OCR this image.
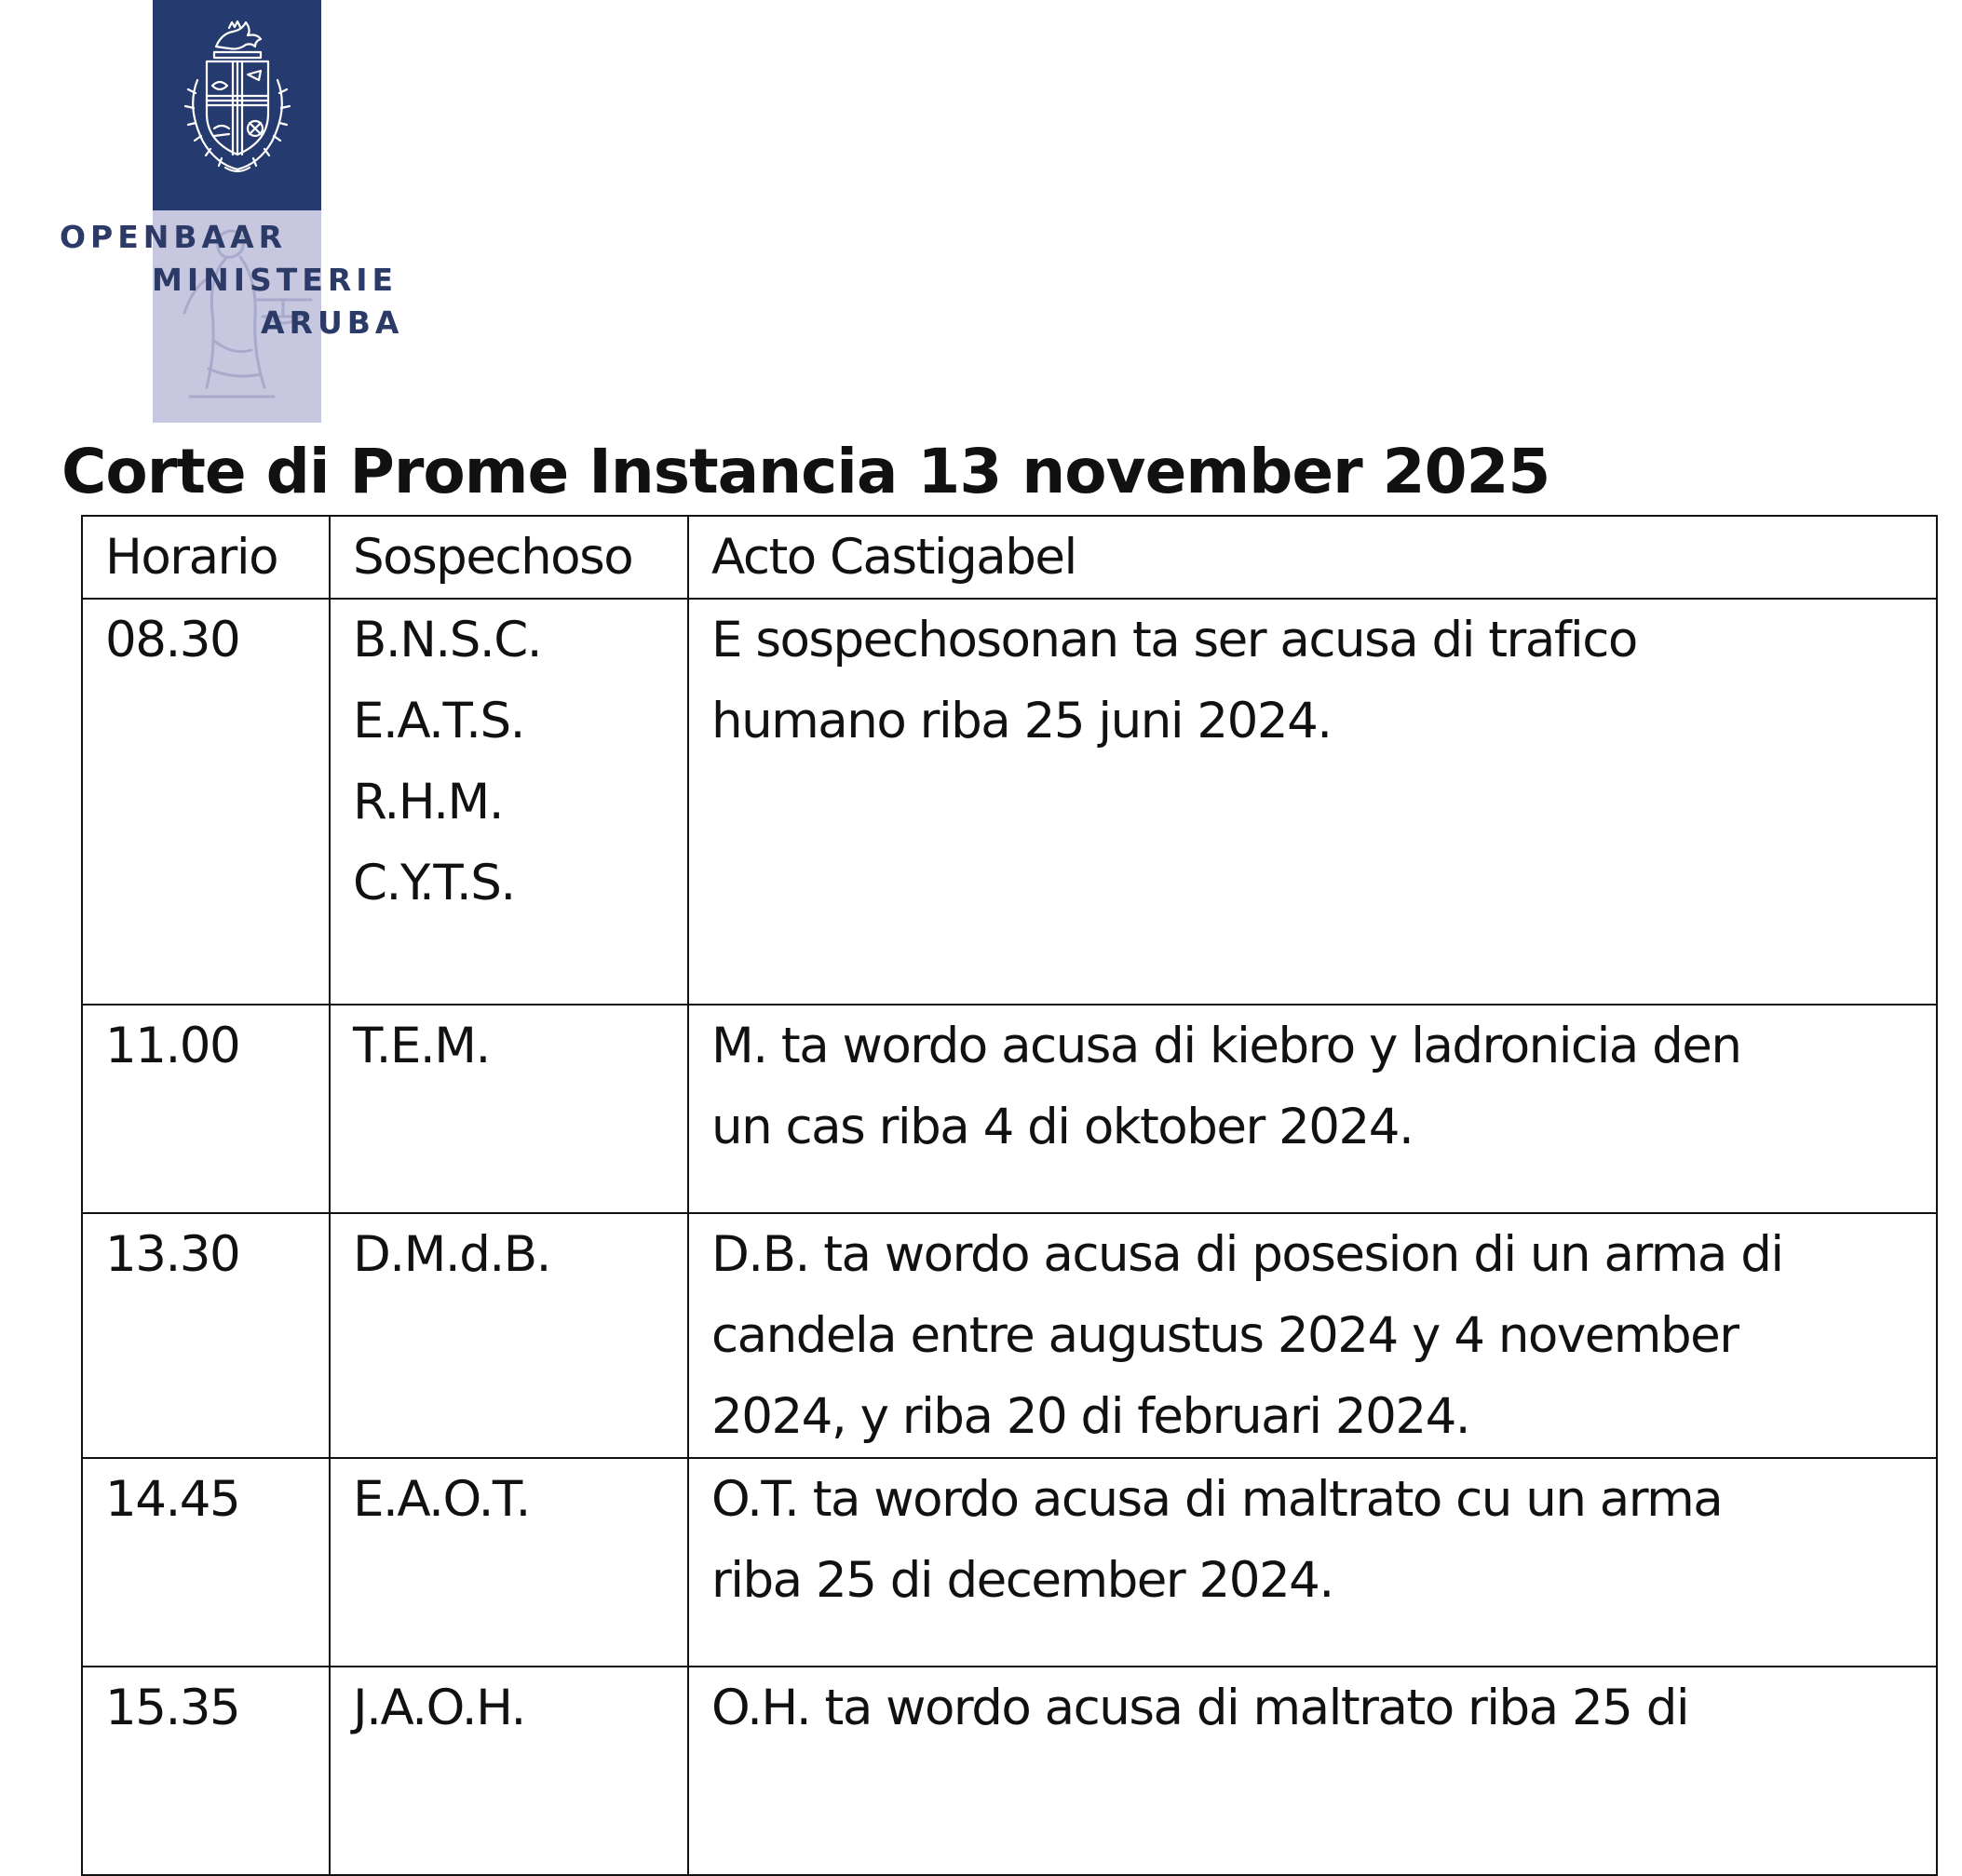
OPENBAAR
MINISTERIE
ARUBA
Corte di Prome Instancia 13 november 2025
Horario	Sospechoso	Acto Castigabel
08.30	B.N.S.C.
E.A.T.S.
R.H.M.
C.Y.T.S.	E sospechosonan ta ser acusa di trafico
humano riba 25 juni 2024.

11.00	T.E.M.	M. ta wordo acusa di kiebro y ladronicia den
un cas riba 4 di oktober 2024.

13.30	D.M.d.B.	D.B. ta wordo acusa di posesion di un arma di
candela entre augustus 2024 y 4 november
2024, y riba 20 di februari 2024.

14.45	E.A.O.T.	O.T. ta wordo acusa di maltrato cu un arma
riba 25 di december 2024.

15.35	J.A.O.H.	O.H. ta wordo acusa di maltrato riba 25 di
